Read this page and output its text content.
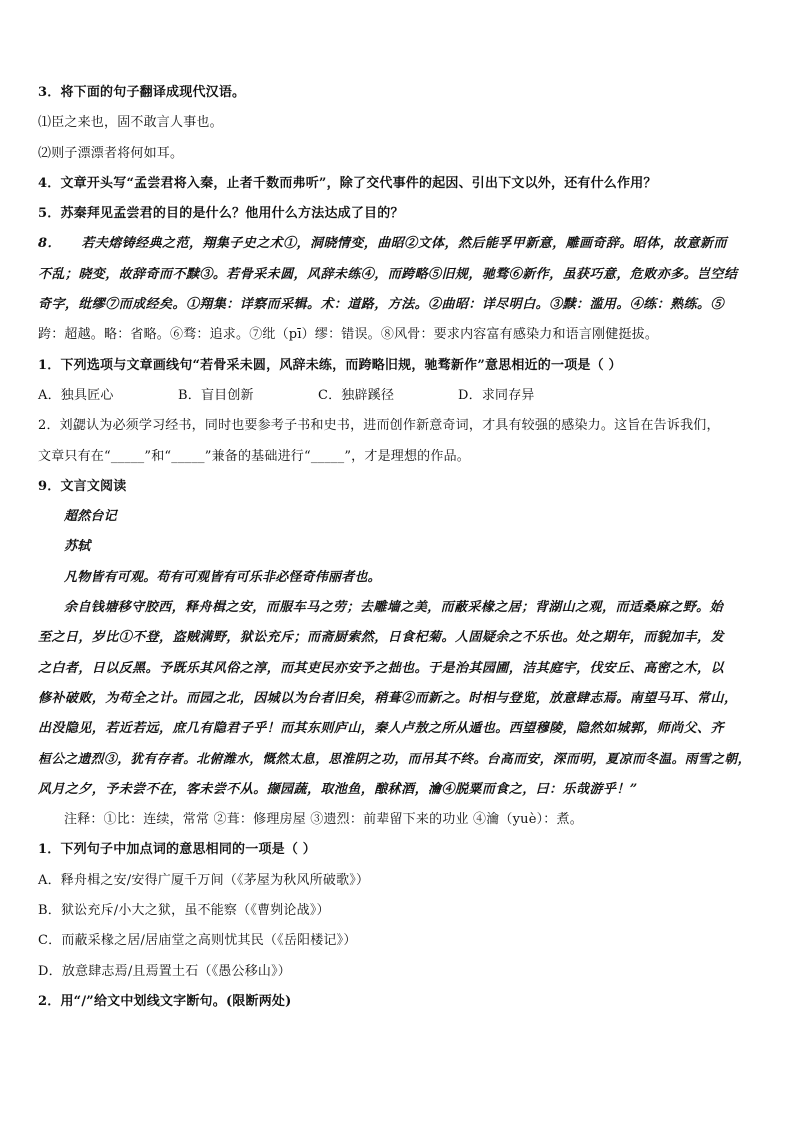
3．将下面的句子翻译成现代汉语。
⑴臣之来也，固不敢言人事也。
⑵则子漂漂者将何如耳。
4．文章开头写“孟尝君将入秦，止者千数而弗听”，除了交代事件的起因、引出下文以外，还有什么作用？
5．苏秦拜见孟尝君的目的是什么？他用什么方法达成了目的？
8．　　若夫熔铸经典之范，翔集子史之术①，洞晓情变，曲昭②文体，然后能孚甲新意，雕画奇辞。昭体，故意新而
不乱；晓变，故辞奇而不黩③。若骨采未圆，风辞未练④，而跨略⑤旧规，驰骛⑥新作，虽获巧意，危败亦多。岂空结
奇字，纰缪⑦而成经矣。①翔集：详察而采辑。术：道路，方法。②曲昭：详尽明白。③黩：滥用。④练：熟练。⑤
跨：超越。略：省略。⑥骛：追求。⑦纰（pī）缪：错误。⑧风骨：要求内容富有感染力和语言刚健挺拔。
1．下列选项与文章画线句“若骨采未圆，风辞未练，而跨略旧规，驰骛新作”意思相近的一项是（ ）
A．独具匠心	B．盲目创新	C．独辟蹊径	D．求同存异
2．刘勰认为必须学习经书，同时也要参考子书和史书，进而创作新意奇词，才具有较强的感染力。这旨在告诉我们，
文章只有在“_____”和“_____”兼备的基础进行“_____”，才是理想的作品。
9．文言文阅读
超然台记
苏轼
凡物皆有可观。苟有可观皆有可乐非必怪奇伟丽者也。
余自钱塘移守胶西，释舟楫之安，而服车马之劳；去雕墙之美，而蔽采椽之居；背湖山之观，而适桑麻之野。始
至之日，岁比①不登，盗贼满野，狱讼充斥；而斋厨索然，日食杞菊。人固疑余之不乐也。处之期年，而貌加丰，发
之白者，日以反黑。予既乐其风俗之淳，而其吏民亦安予之拙也。于是治其园圃，洁其庭宇，伐安丘、高密之木，以
修补破败，为苟全之计。而园之北，因城以为台者旧矣，稍葺②而新之。时相与登览，放意肆志焉。南望马耳、常山，
出没隐见，若近若远，庶几有隐君子乎！而其东则庐山，秦人卢敖之所从遁也。西望穆陵，隐然如城郭，师尚父、齐
桓公之遗烈③，犹有存者。北俯潍水，慨然太息，思淮阴之功，而吊其不终。台高而安，深而明，夏凉而冬温。雨雪之朝，
风月之夕，予未尝不在，客未尝不从。撷园蔬，取池鱼，酿秫酒，瀹④脱粟而食之，曰：乐哉游乎！”
注释：①比：连续，常常 ②葺：修理房屋 ③遗烈：前辈留下来的功业 ④瀹（yuè）：煮。
1．下列句子中加点词的意思相同的一项是（ ）
A．释舟楫之安/安得广厦千万间（《茅屋为秋风所破歌》）
B．狱讼充斥/小大之狱，虽不能察（《曹刿论战》）
C．而蔽采椽之居/居庙堂之高则忧其民（《岳阳楼记》）
D．放意肆志焉/且焉置土石（《愚公移山》）
2．用“/”给文中划线文字断句。(限断两处)
